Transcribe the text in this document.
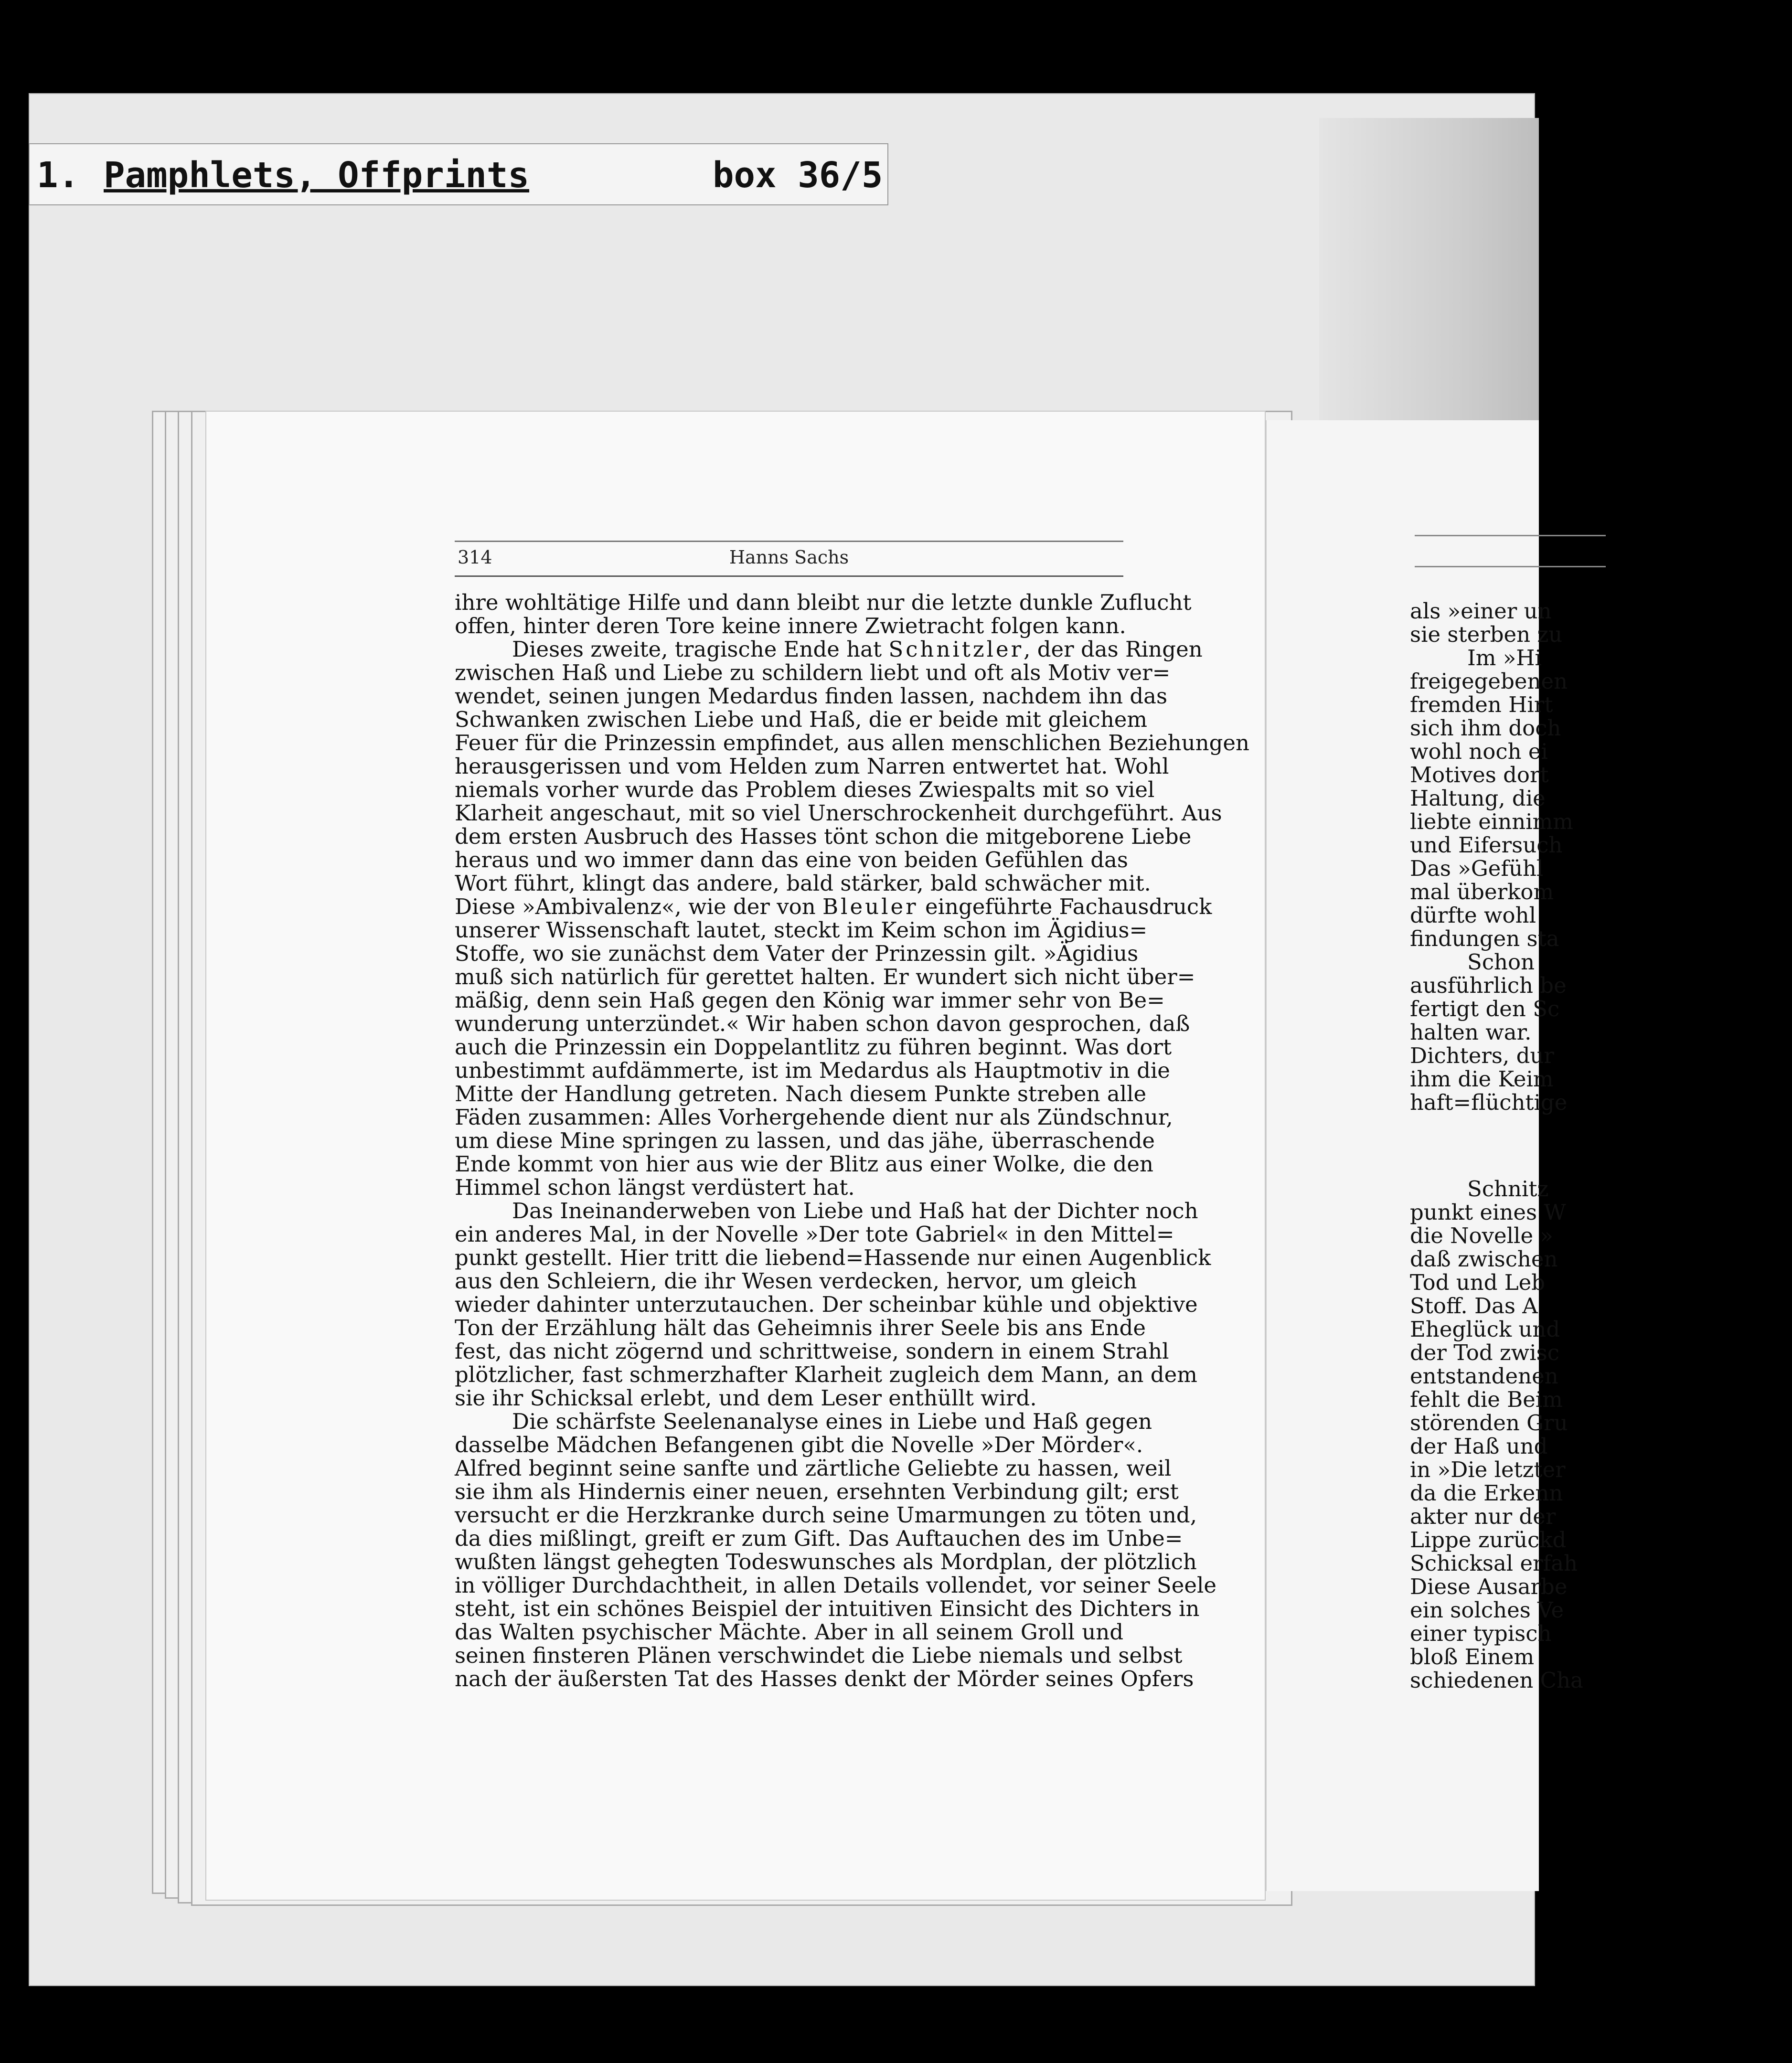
1. Pamphlets, Offprints	box 36/5
als »einer un
sie sterben zu
Im »Hi
freigegebenen
fremden Hirt
sich ihm doch
wohl noch ei
Motives dort
Haltung, die
liebte einnimm
und Eifersuch
Das »Gefühl
mal überkom
dürfte wohl
findungen sta
Schon
ausführlich be
fertigt den Sc
halten war.
Dichters, dur
ihm die Keim
haft=flüchtige
Schnitz
punkt eines W
die Novelle »
daß zwischen
Tod und Leb
Stoff. Das A
Eheglück und
der Tod zwisc
entstandenen
fehlt die Beim
störenden Gru
der Haß und
in »Die letzter
da die Erkenn
akter nur der
Lippe zurückd
Schicksal erfah
Diese Ausarbe
ein solches Ve
einer typisch
bloß Einem
schiedenen Cha
314	Hanns Sachs
ihre wohltätige Hilfe und dann bleibt nur die letzte dunkle Zuflucht
offen, hinter deren Tore keine innere Zwietracht folgen kann.
Dieses zweite, tragische Ende hat Schnitzler, der das Ringen
zwischen Haß und Liebe zu schildern liebt und oft als Motiv ver=
wendet, seinen jungen Medardus finden lassen, nachdem ihn das
Schwanken zwischen Liebe und Haß, die er beide mit gleichem
Feuer für die Prinzessin empfindet, aus allen menschlichen Beziehungen
herausgerissen und vom Helden zum Narren entwertet hat. Wohl
niemals vorher wurde das Problem dieses Zwiespalts mit so viel
Klarheit angeschaut, mit so viel Unerschrockenheit durchgeführt. Aus
dem ersten Ausbruch des Hasses tönt schon die mitgeborene Liebe
heraus und wo immer dann das eine von beiden Gefühlen das
Wort führt, klingt das andere, bald stärker, bald schwächer mit.
Diese »Ambivalenz«, wie der von Bleuler eingeführte Fachausdruck
unserer Wissenschaft lautet, steckt im Keim schon im Ägidius=
Stoffe, wo sie zunächst dem Vater der Prinzessin gilt. »Ägidius
muß sich natürlich für gerettet halten. Er wundert sich nicht über=
mäßig, denn sein Haß gegen den König war immer sehr von Be=
wunderung unterzündet.« Wir haben schon davon gesprochen, daß
auch die Prinzessin ein Doppelantlitz zu führen beginnt. Was dort
unbestimmt aufdämmerte, ist im Medardus als Hauptmotiv in die
Mitte der Handlung getreten. Nach diesem Punkte streben alle
Fäden zusammen: Alles Vorhergehende dient nur als Zündschnur,
um diese Mine springen zu lassen, und das jähe, überraschende
Ende kommt von hier aus wie der Blitz aus einer Wolke, die den
Himmel schon längst verdüstert hat.
Das Ineinanderweben von Liebe und Haß hat der Dichter noch
ein anderes Mal, in der Novelle »Der tote Gabriel« in den Mittel=
punkt gestellt. Hier tritt die liebend=Hassende nur einen Augenblick
aus den Schleiern, die ihr Wesen verdecken, hervor, um gleich
wieder dahinter unterzutauchen. Der scheinbar kühle und objektive
Ton der Erzählung hält das Geheimnis ihrer Seele bis ans Ende
fest, das nicht zögernd und schrittweise, sondern in einem Strahl
plötzlicher, fast schmerzhafter Klarheit zugleich dem Mann, an dem
sie ihr Schicksal erlebt, und dem Leser enthüllt wird.
Die schärfste Seelenanalyse eines in Liebe und Haß gegen
dasselbe Mädchen Befangenen gibt die Novelle »Der Mörder«.
Alfred beginnt seine sanfte und zärtliche Geliebte zu hassen, weil
sie ihm als Hindernis einer neuen, ersehnten Verbindung gilt; erst
versucht er die Herzkranke durch seine Umarmungen zu töten und,
da dies mißlingt, greift er zum Gift. Das Auftauchen des im Unbe=
wußten längst gehegten Todeswunsches als Mordplan, der plötzlich
in völliger Durchdachtheit, in allen Details vollendet, vor seiner Seele
steht, ist ein schönes Beispiel der intuitiven Einsicht des Dichters in
das Walten psychischer Mächte. Aber in all seinem Groll und
seinen finsteren Plänen verschwindet die Liebe niemals und selbst
nach der äußersten Tat des Hasses denkt der Mörder seines Opfers
